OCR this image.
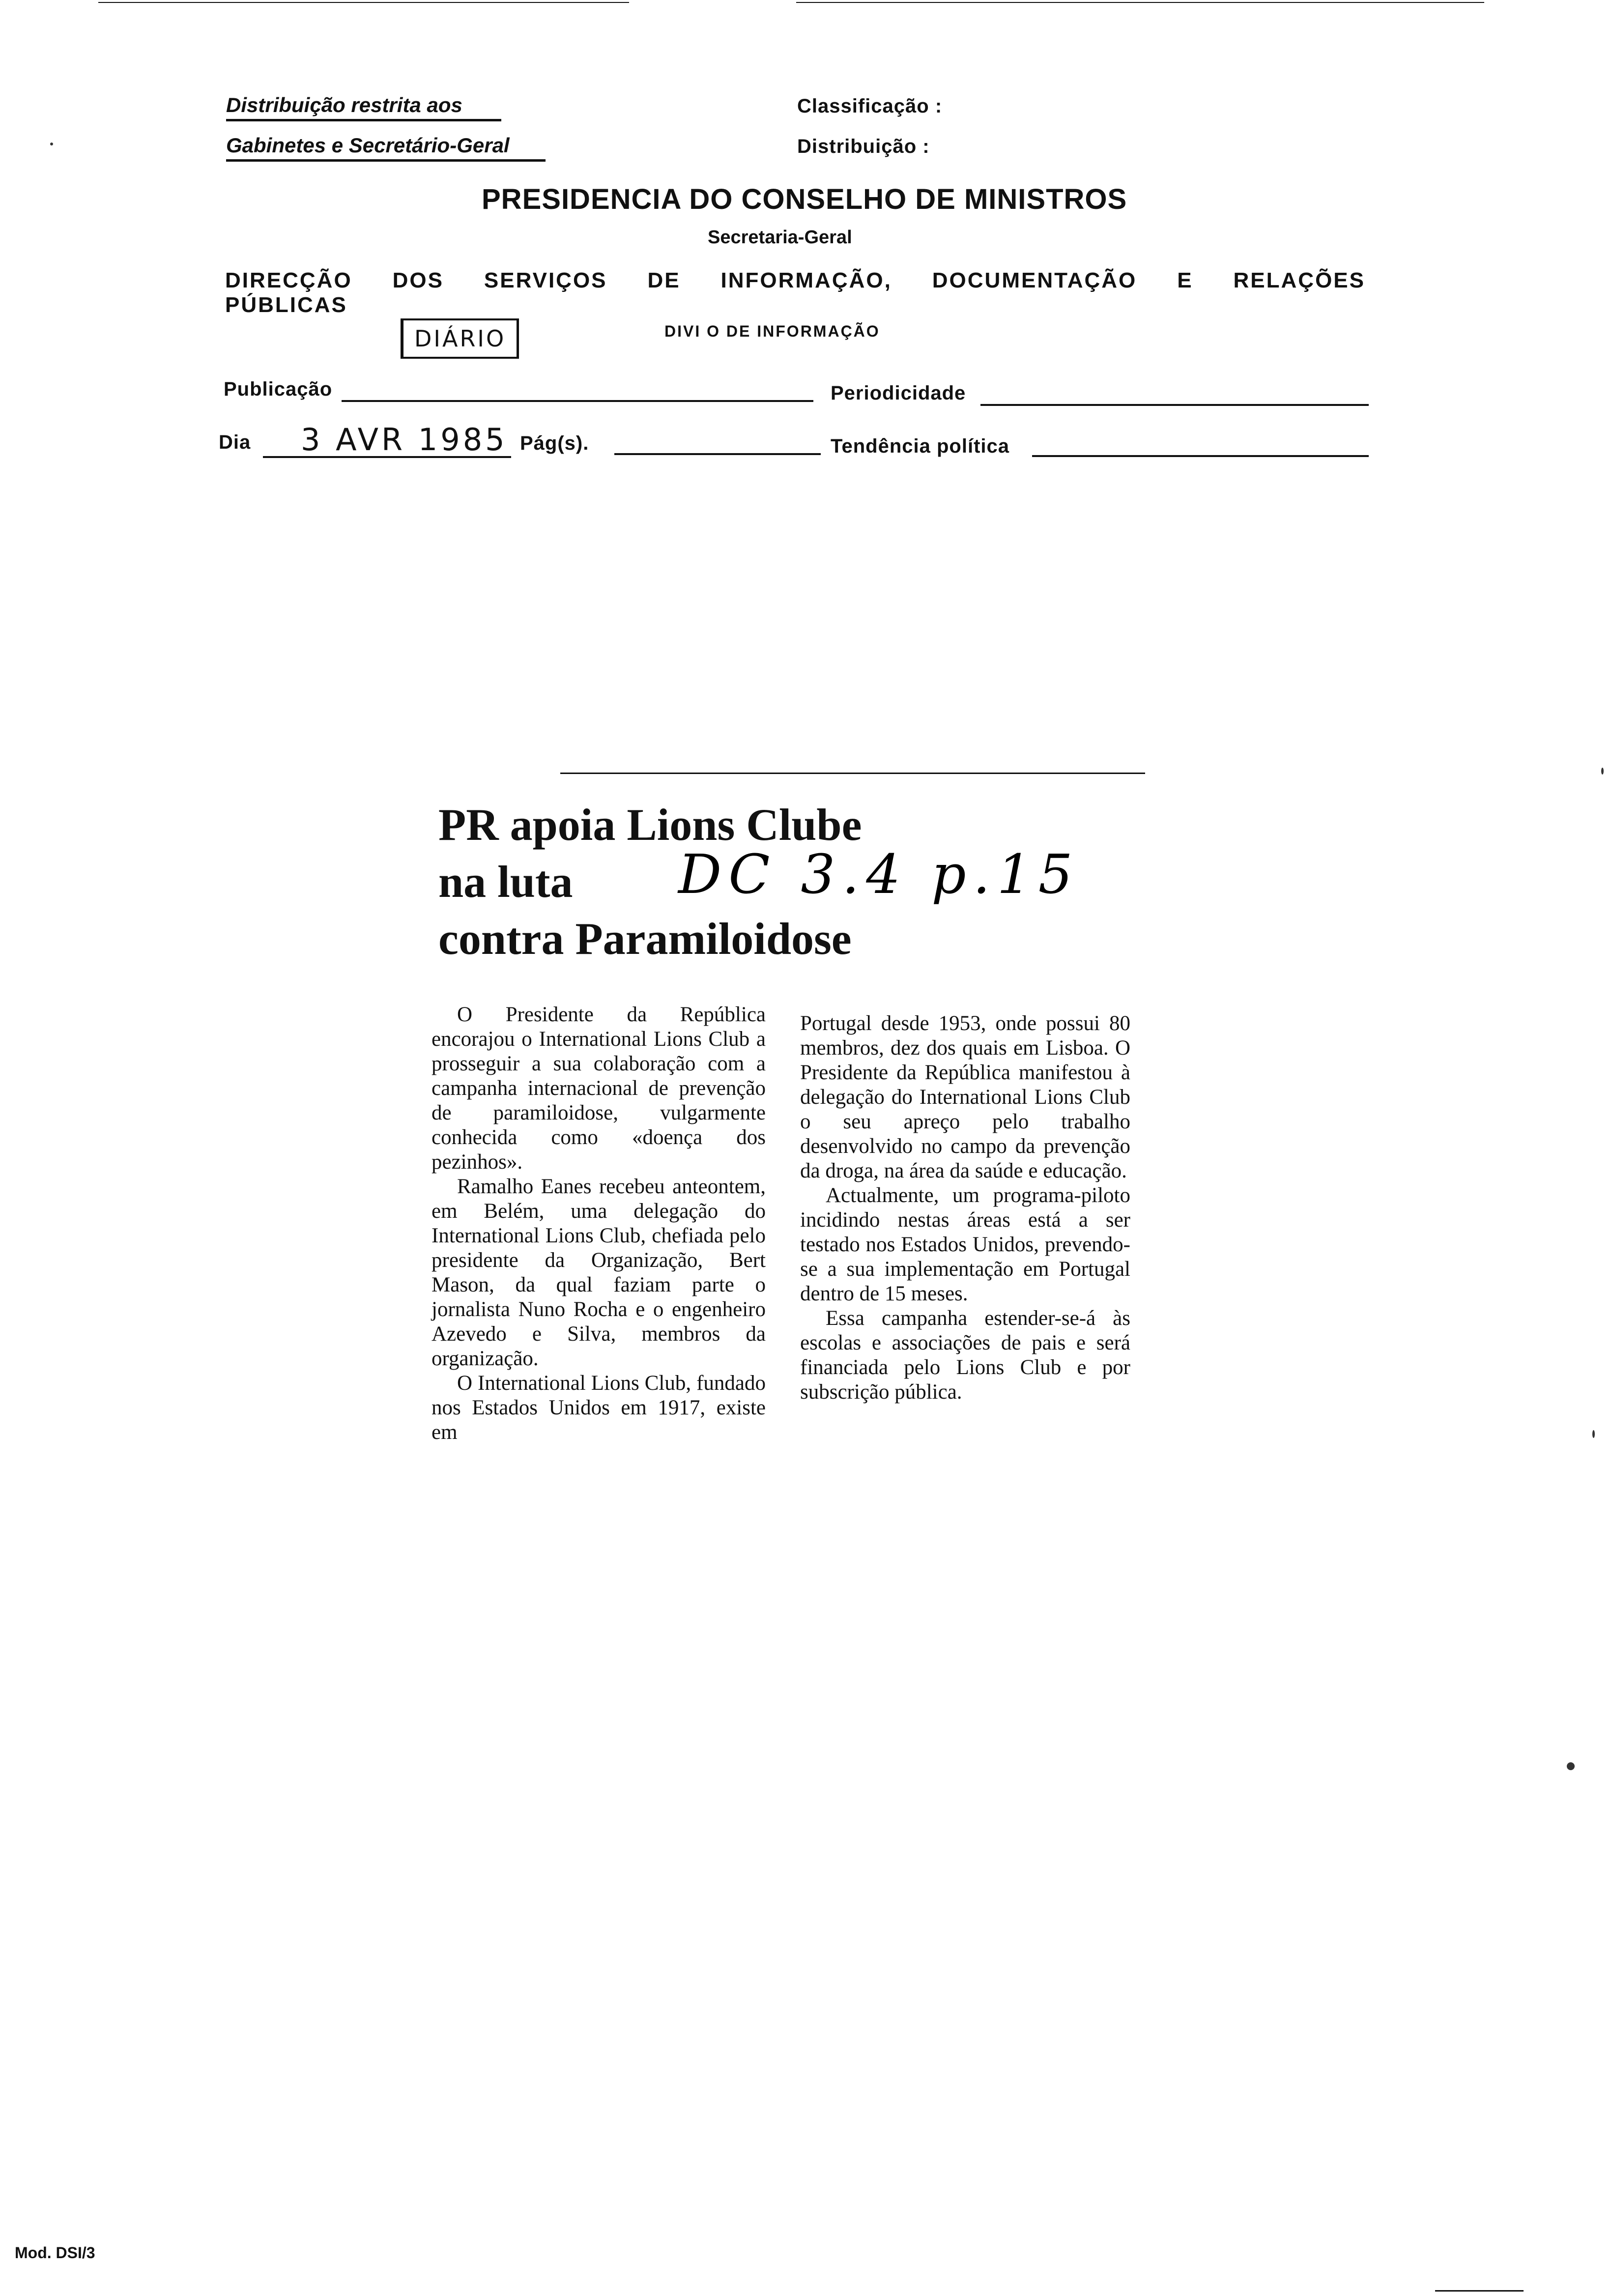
Distribuição restrita aos
Gabinetes e Secretário-Geral
Classificação :
Distribuição :
PRESIDENCIA DO CONSELHO DE MINISTROS
Secretaria-Geral
DIRECÇÃO DOS SERVIÇOS DE INFORMAÇÃO, DOCUMENTAÇÃO E RELAÇÕES PÚBLICAS
DIÁRIO	DIVI O DE INFORMAÇÃO
Publicação	Periodicidade
Dia 3 AVR 1985 Pág(s).	Tendência política
PR apoia Lions Clube
na luta
contra Paramiloidose
DC 3.4 p.15

O Presidente da República encorajou o International Lions Club a prosseguir a sua colaboração com a campanha internacional de prevenção de paramiloidose, vulgarmente conhecida como «doença dos pezinhos».

Ramalho Eanes recebeu anteontem, em Belém, uma delegação do International Lions Club, chefiada pelo presidente da Organização, Bert Mason, da qual faziam parte o jornalista Nuno Rocha e o engenheiro Azevedo e Silva, membros da organização.

O International Lions Club, fundado nos Estados Unidos em 1917, existe em

Portugal desde 1953, onde possui 80 membros, dez dos quais em Lisboa. O Presidente da República manifestou à delegação do International Lions Club o seu apreço pelo trabalho desenvolvido no campo da prevenção da droga, na área da saúde e educação.

Actualmente, um programa-piloto incidindo nestas áreas está a ser testado nos Estados Unidos, prevendo-se a sua implementação em Portugal dentro de 15 meses.

Essa campanha estender-se-á às escolas e associações de pais e será financiada pelo Lions Club e por subscrição pública.

Mod. DSI/3
